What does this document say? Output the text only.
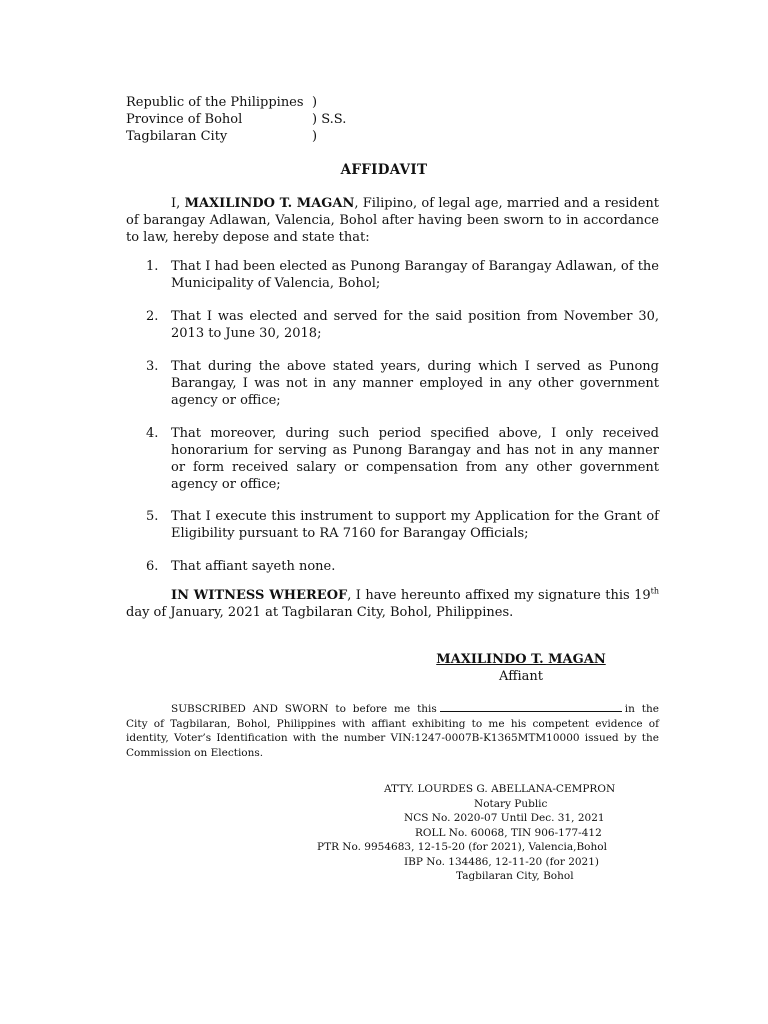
Republic of the Philippines )
Province of Bohol	) S.S.
Tagbilaran City	)
AFFIDAVIT
I, MAXILINDO T. MAGAN, Filipino, of legal age, married and a resident of barangay Adlawan, Valencia, Bohol after having been sworn to in accordance to law, hereby depose and state that:
1. That I had been elected as Punong Barangay of Barangay Adlawan, of the Municipality of Valencia, Bohol;
2. That I was elected and served for the said position from November 30, 2013 to June 30, 2018;
3. That during the above stated years, during which I served as Punong Barangay, I was not in any manner employed in any other government agency or office;
4. That moreover, during such period specified above, I only received honorarium for serving as Punong Barangay and has not in any manner or form received salary or compensation from any other government agency or office;
5. That I execute this instrument to support my Application for the Grant of Eligibility pursuant to RA 7160 for Barangay Officials;
6. That affiant sayeth none.
IN WITNESS WHEREOF, I have hereunto affixed my signature this 19th day of January, 2021 at Tagbilaran City, Bohol, Philippines.
MAXILINDO T. MAGAN
Affiant
SUBSCRIBED AND SWORN to before me this	in the City of Tagbilaran, Bohol, Philippines with affiant exhibiting to me his competent evidence of identity, Voter’s Identification with the number VIN:1247-0007B-K1365MTM10000 issued by the Commission on Elections.
ATTY. LOURDES G. ABELLANA-CEMPRON
Notary Public
NCS No. 2020-07 Until Dec. 31, 2021
ROLL No. 60068, TIN 906-177-412
PTR No. 9954683, 12-15-20 (for 2021), Valencia,Bohol
IBP No. 134486, 12-11-20 (for 2021)
Tagbilaran City, Bohol
